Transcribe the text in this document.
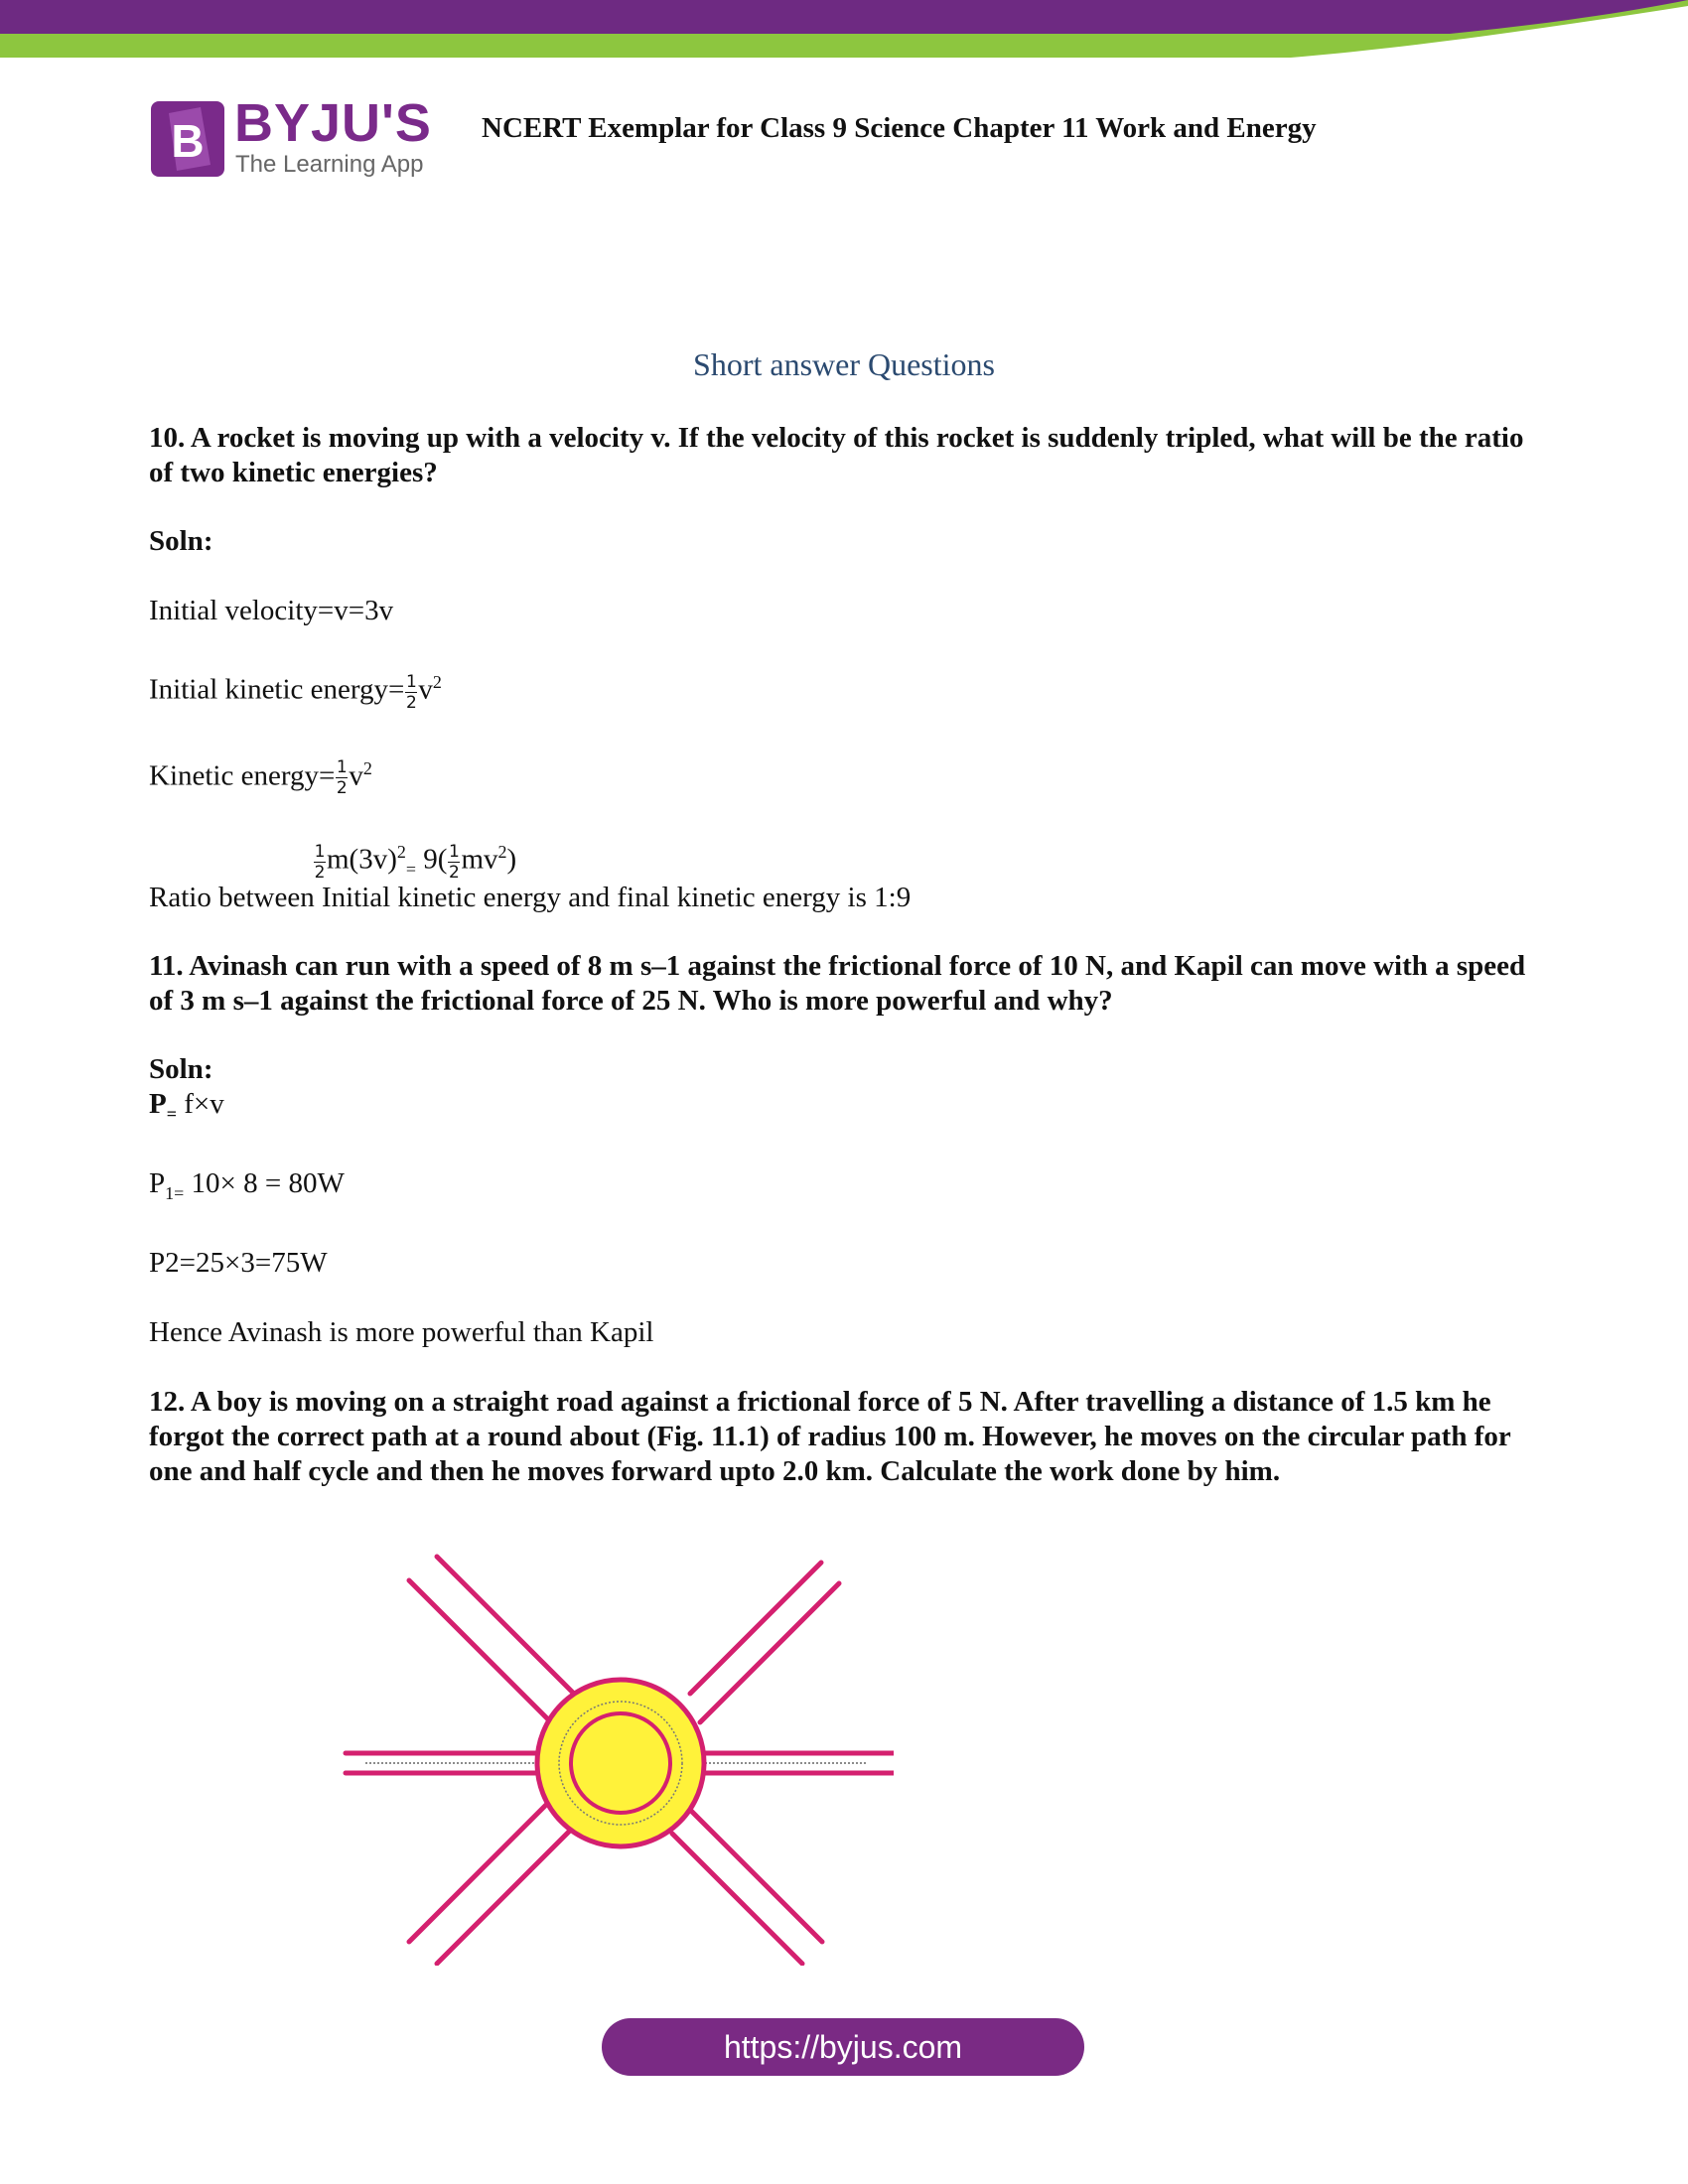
B BYJU'S
The Learning App
NCERT Exemplar for Class 9 Science Chapter 11 Work and Energy
Short answer Questions

10. A rocket is moving up with a velocity v. If the velocity of this rocket is suddenly tripled, what will be the ratio of two kinetic energies?

Soln:

Initial velocity=v=3v

Initial kinetic energy= $\frac{1}{2} v^2$

Kinetic energy= $\frac{1}{2} v^2$

$\frac{1}{2} m(3v)^2_=$ $9( \frac{1}{2} mv^2)$

Ratio between Initial kinetic energy and final kinetic energy is 1:9

11. Avinash can run with a speed of 8 m s–1 against the frictional force of 10 N, and Kapil can move with a speed of 3 m s–1 against the frictional force of 25 N. Who is more powerful and why?

Soln:

$P_=$ f×v

$P_{1=}$ 10× 8 = 80W

P2=25×3=75W

Hence Avinash is more powerful than Kapil

12. A boy is moving on a straight road against a frictional force of 5 N. After travelling a distance of 1.5 km he forgot the correct path at a round about (Fig. 11.1) of radius 100 m. However, he moves on the circular path for one and half cycle and then he moves forward upto 2.0 km. Calculate the work done by him.

https://byjus.com
